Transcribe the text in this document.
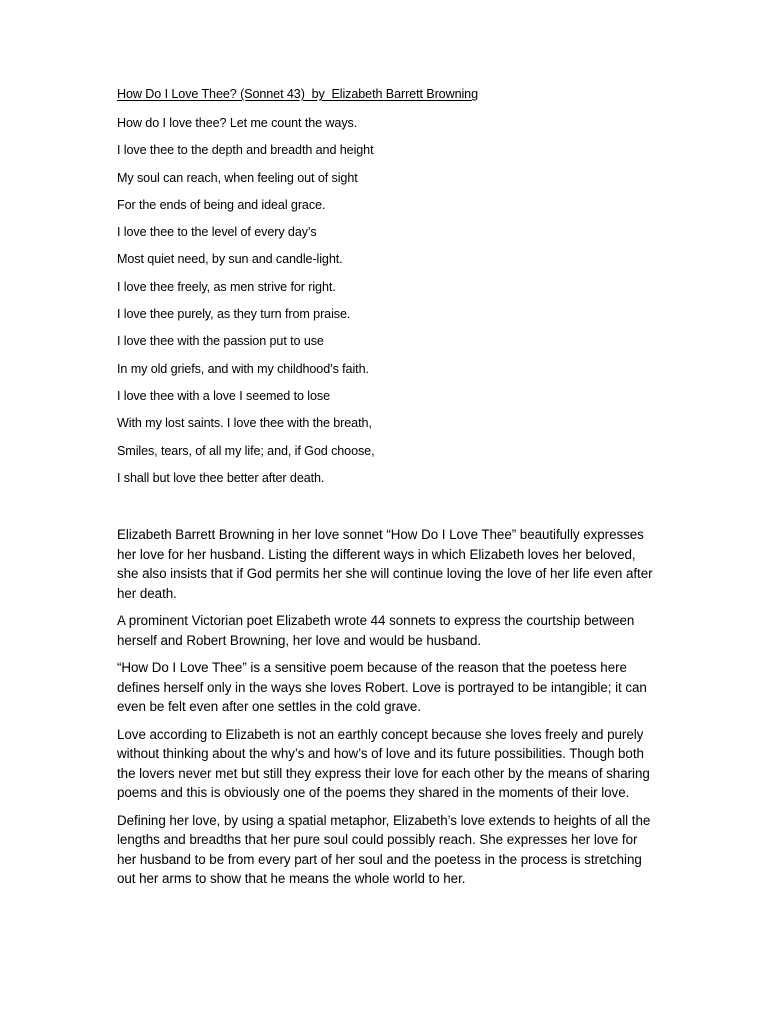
How Do I Love Thee? (Sonnet 43)  by  Elizabeth Barrett Browning
How do I love thee? Let me count the ways.
I love thee to the depth and breadth and height
My soul can reach, when feeling out of sight
For the ends of being and ideal grace.
I love thee to the level of every day’s
Most quiet need, by sun and candle-light.
I love thee freely, as men strive for right.
I love thee purely, as they turn from praise.
I love thee with the passion put to use
In my old griefs, and with my childhood’s faith.
I love thee with a love I seemed to lose
With my lost saints. I love thee with the breath,
Smiles, tears, of all my life; and, if God choose,
I shall but love thee better after death.

Elizabeth Barrett Browning in her love sonnet “How Do I Love Thee” beautifully expresses her love for her husband. Listing the different ways in which Elizabeth loves her beloved, she also insists that if God permits her she will continue loving the love of her life even after her death.

A prominent Victorian poet Elizabeth wrote 44 sonnets to express the courtship between herself and Robert Browning, her love and would be husband.

“How Do I Love Thee” is a sensitive poem because of the reason that the poetess here defines herself only in the ways she loves Robert. Love is portrayed to be intangible; it can even be felt even after one settles in the cold grave.

Love according to Elizabeth is not an earthly concept because she loves freely and purely without thinking about the why’s and how’s of love and its future possibilities. Though both the lovers never met but still they express their love for each other by the means of sharing poems and this is obviously one of the poems they shared in the moments of their love.

Defining her love, by using a spatial metaphor, Elizabeth’s love extends to heights of all the lengths and breadths that her pure soul could possibly reach. She expresses her love for her husband to be from every part of her soul and the poetess in the process is stretching out her arms to show that he means the whole world to her.
